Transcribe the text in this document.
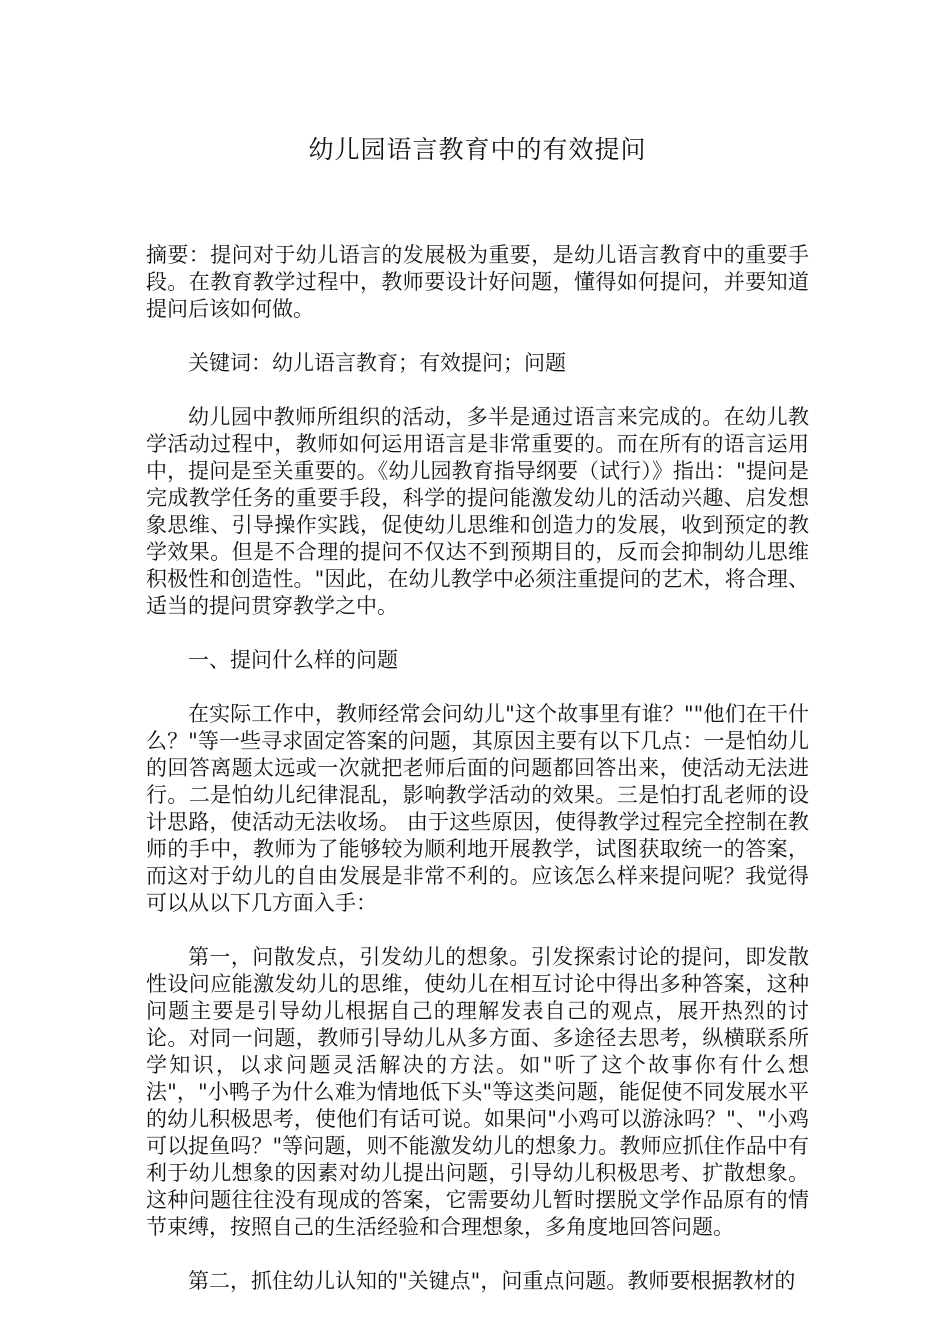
幼儿园语言教育中的有效提问

摘要：提问对于幼儿语言的发展极为重要，是幼儿语言教育中的重要手段。在教育教学过程中，教师要设计好问题，懂得如何提问，并要知道提问后该如何做。

关键词：幼儿语言教育；有效提问；问题

幼儿园中教师所组织的活动，多半是通过语言来完成的。在幼儿教学活动过程中，教师如何运用语言是非常重要的。而在所有的语言运用中，提问是至关重要的。《幼儿园教育指导纲要（试行）》指出："提问是完成教学任务的重要手段，科学的提问能激发幼儿的活动兴趣、启发想象思维、引导操作实践，促使幼儿思维和创造力的发展，收到预定的教学效果。但是不合理的提问不仅达不到预期目的，反而会抑制幼儿思维积极性和创造性。"因此，在幼儿教学中必须注重提问的艺术，将合理、适当的提问贯穿教学之中。

一、提问什么样的问题

在实际工作中，教师经常会问幼儿"这个故事里有谁？""他们在干什么？"等一些寻求固定答案的问题，其原因主要有以下几点：一是怕幼儿的回答离题太远或一次就把老师后面的问题都回答出来，使活动无法进行。二是怕幼儿纪律混乱，影响教学活动的效果。三是怕打乱老师的设计思路，使活动无法收场。 由于这些原因，使得教学过程完全控制在教师的手中，教师为了能够较为顺利地开展教学，试图获取统一的答案，而这对于幼儿的自由发展是非常不利的。应该怎么样来提问呢？我觉得可以从以下几方面入手：

第一，问散发点，引发幼儿的想象。引发探索讨论的提问，即发散性设问应能激发幼儿的思维，使幼儿在相互讨论中得出多种答案，这种问题主要是引导幼儿根据自己的理解发表自己的观点，展开热烈的讨论。对同一问题，教师引导幼儿从多方面、多途径去思考，纵横联系所学知识，以求问题灵活解决的方法。如"听了这个故事你有什么想法"，"小鸭子为什么难为情地低下头"等这类问题，能促使不同发展水平的幼儿积极思考，使他们有话可说。如果问"小鸡可以游泳吗？"、"小鸡可以捉鱼吗？"等问题，则不能激发幼儿的想象力。教师应抓住作品中有利于幼儿想象的因素对幼儿提出问题，引导幼儿积极思考、扩散想象。这种问题往往没有现成的答案，它需要幼儿暂时摆脱文学作品原有的情节束缚，按照自己的生活经验和合理想象，多角度地回答问题。

第二，抓住幼儿认知的"关键点"，问重点问题。教师要根据教材的
